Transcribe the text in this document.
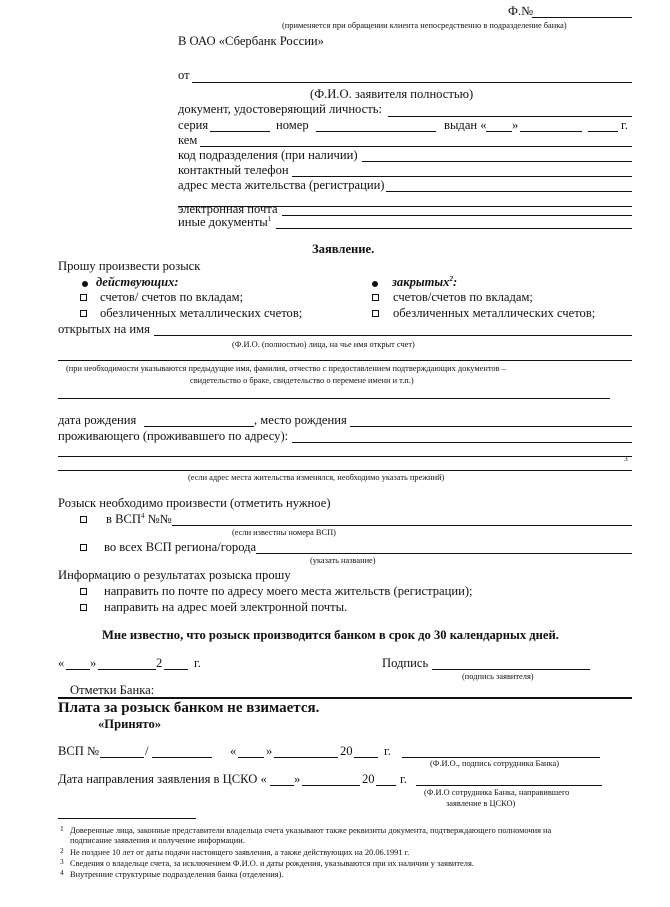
Ф.№
(применяется при обращении клиента непосредственно в подразделение банка)
В ОАО «Сбербанк России»
от
(Ф.И.О. заявителя полностью)
документ, удостоверяющий личность:
серия	номер	выдан « »	г.
кем
код подразделения (при наличии)
контактный телефон
адрес места жительства (регистрации)
электронная почта
иные документы$^1$
Заявление.
Прошу произвести розыск
действующих:	закрытых$^2$:
счетов/ счетов по вкладам;	счетов/счетов по вкладам;
обезличенных металлических счетов;	обезличенных металлических счетов;
открытых на имя
(Ф.И.О. (полностью) лица, на чье имя открыт счет)
(при необходимости указываются предыдущие имя, фамилия, отчество с предоставлением подтверждающих документов –
свидетельство о браке, свидетельство о перемене имени и т.п.)
дата рождения	, место рождения
проживающего (проживавшего по адресу):
3
(если адрес места жительства изменялся, необходимо указать прежний)
Розыск необходимо произвести (отметить нужное)
в ВСП$^4$ №№
(если известны номера ВСП)
во всех ВСП региона/города
(указать название)
Информацию о результатах розыска прошу
направить по почте по адресу моего места жительств (регистрации);
направить на адрес моей электронной почты.
Мне известно, что розыск производится банком в срок до 30 календарных дней.
« »	2	г.	Подпись
(подпись заявителя)
Отметки Банка:
Плата за розыск банком не взимается.
«Принято»
ВСП №	/	« »	20 г.
(Ф.И.О., подпись сотрудника Банка)
Дата направления заявления в ЦСКО « »	20 г.
(Ф.И.О сотрудника Банка, направившего
заявление в ЦСКО)
1 Доверенные лица, законные представители владельца счета указывают также реквизиты документа, подтверждающего полномочия на
подписание заявления и получение информации.
2 Не позднее 10 лет от даты подачи настоящего заявления, а также действующих на 20.06.1991 г.
3 Сведения о владельце счета, за исключением Ф.И.О. и даты рождения, указываются при их наличии у заявителя.
4 Внутренние структурные подразделения банка (отделения).
